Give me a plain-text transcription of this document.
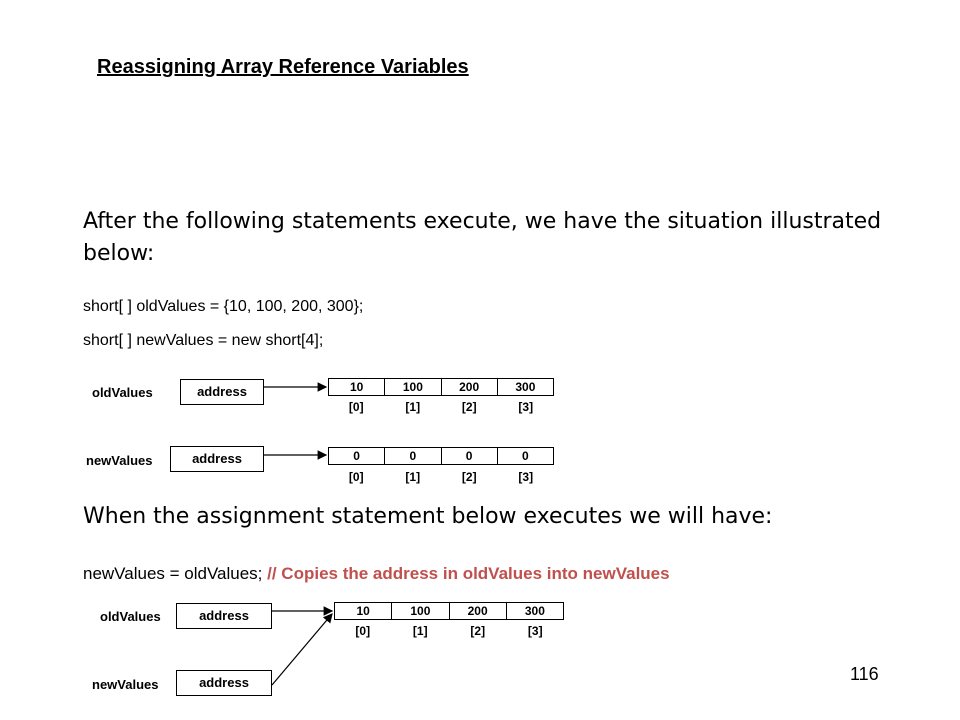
Reassigning Array Reference Variables
After the following statements execute, we have the situation illustrated below:
short[ ] oldValues = {10, 100, 200, 300};
short[ ] newValues = new short[4];
oldValues	address	10	100	200	300
[0]	[1]	[2]	[3]
newValues	address	0	0	0	0
[0]	[1]	[2]	[3]
When the assignment statement below executes we will have:
newValues = oldValues; // Copies the address in oldValues into newValues
oldValues	address	10	100	200	300
[0]	[1]	[2]	[3]
newValues	address	116
